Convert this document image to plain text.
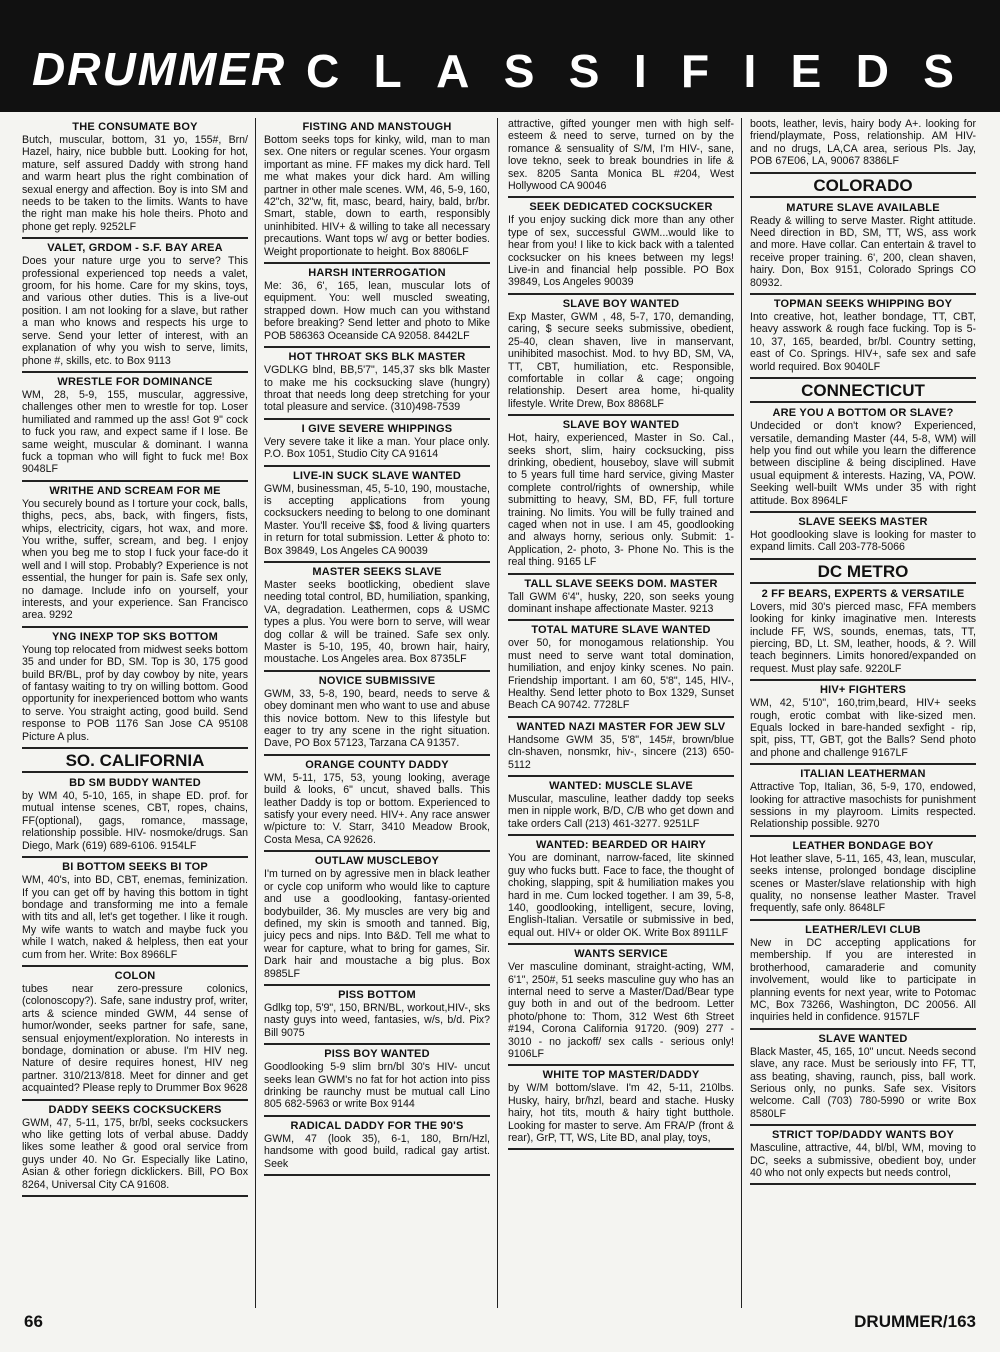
DRUMMER C L A S S I F I E D S
THE CONSUMATE BOY

Butch, muscular, bottom, 31 yo, 155#, Brn/ Hazel, hairy, nice bubble butt. Looking for hot, mature, self assured Daddy with strong hand and warm heart plus the right combination of sexual energy and affection. Boy is into SM and needs to be taken to the limits. Wants to have the right man make his hole theirs. Photo and phone get reply. 9252LF

VALET, GRDOM - S.F. BAY AREA

Does your nature urge you to serve? This professional experienced top needs a valet, groom, for his home. Care for my skins, toys, and various other duties. This is a live-out position. I am not looking for a slave, but rather a man who knows and respects his urge to serve. Send your letter of interest, with an explanation of why you wish to serve, limits, phone #, skills, etc. to Box 9113

WRESTLE FOR DOMINANCE

WM, 28, 5-9, 155, muscular, aggressive, challenges other men to wrestle for top. Loser humiliated and rammed up the ass! Got 9" cock to fuck you raw, and expect same if I lose. Be same weight, muscular & dominant. I wanna fuck a topman who will fight to fuck me! Box 9048LF

WRITHE AND SCREAM FOR ME

You securely bound as I torture your cock, balls, thighs, pecs, abs, back, with fingers, fists, whips, electricity, cigars, hot wax, and more. You writhe, suffer, scream, and beg. I enjoy when you beg me to stop I fuck your face-do it well and I will stop. Probably? Experience is not essential, the hunger for pain is. Safe sex only, no damage. Include info on yourself, your interests, and your experience. San Francisco area. 9292

YNG INEXP TOP SKS BOTTOM

Young top relocated from midwest seeks bottom 35 and under for BD, SM. Top is 30, 175 good build BR/BL, prof by day cowboy by nite, years of fantasy waiting to try on willing bottom. Good opportunity for inexperienced bottom who wants to serve. You straight acting, good build. Send response to POB 1176 San Jose CA 95108 Picture A plus.

SO. CALIFORNIA
BD SM BUDDY WANTED

by WM 40, 5-10, 165, in shape ED. prof. for mutual intense scenes, CBT, ropes, chains, FF(optional), gags, romance, massage, relationship possible. HIV- nosmoke/drugs. San Diego, Mark (619) 689-6106. 9154LF

BI BOTTOM SEEKS BI TOP

WM, 40's, into BD, CBT, enemas, feminization. If you can get off by having this bottom in tight bondage and transforming me into a female with tits and all, let's get together. I like it rough. My wife wants to watch and maybe fuck you while I watch, naked & helpless, then eat your cum from her. Write: Box 8966LF

COLON

tubes near zero-pressure colonics, (colonoscopy?). Safe, sane industry prof, writer, arts & science minded GWM, 44 sense of humor/wonder, seeks partner for safe, sane, sensual enjoyment/exploration. No interests in bondage, domination or abuse. I'm HIV neg. Nature of desire requires honest, HIV neg partner. 310/213/818. Meet for dinner and get acquainted? Please reply to Drummer Box 9628

DADDY SEEKS COCKSUCKERS

GWM, 47, 5-11, 175, br/bl, seeks cocksuckers who like getting lots of verbal abuse. Daddy likes some leather & good oral service from guys under 40. No Gr. Especially like Latino, Asian & other foriegn dicklickers. Bill, PO Box 8264, Universal City CA 91608.

FISTING AND MANSTOUGH

Bottom seeks tops for kinky, wild, man to man sex. One niters or regular scenes. Your orgasm important as mine. FF makes my dick hard. Tell me what makes your dick hard. Am willing partner in other male scenes. WM, 46, 5-9, 160, 42"ch, 32"w, fit, masc, beard, hairy, bald, br/br. Smart, stable, down to earth, responsibly uninhibited. HIV+ & willing to take all necessary precautions. Want tops w/ avg or better bodies. Weight proportionate to height. Box 8806LF

HARSH INTERROGATION

Me: 36, 6', 165, lean, muscular lots of equipment. You: well muscled sweating, strapped down. How much can you withstand before breaking? Send letter and photo to Mike POB 586363 Oceanside CA 92058. 8442LF

HOT THROAT SKS BLK MASTER

VGDLKG blnd, BB,5'7", 145,37 sks blk Master to make me his cocksucking slave (hungry) throat that needs long deep stretching for your total pleasure and service. (310)498-7539

I GIVE SEVERE WHIPPINGS

Very severe take it like a man. Your place only. P.O. Box 1051, Studio City CA 91614

LIVE-IN SUCK SLAVE WANTED

GWM, businessman, 45, 5-10, 190, moustache, is accepting applications from young cocksuckers needing to belong to one dominant Master. You'll receive $$, food & living quarters in return for total submission. Letter & photo to: Box 39849, Los Angeles CA 90039

MASTER SEEKS SLAVE

Master seeks bootlicking, obedient slave needing total control, BD, humiliation, spanking, VA, degradation. Leathermen, cops & USMC types a plus. You were born to serve, will wear dog collar & will be trained. Safe sex only. Master is 5-10, 195, 40, brown hair, hairy, moustache. Los Angeles area. Box 8735LF

NOVICE SUBMISSIVE

GWM, 33, 5-8, 190, beard, needs to serve & obey dominant men who want to use and abuse this novice bottom. New to this lifestyle but eager to try any scene in the right situation. Dave, PO Box 57123, Tarzana CA 91357.

ORANGE COUNTY DADDY

WM, 5-11, 175, 53, young looking, average build & looks, 6" uncut, shaved balls. This leather Daddy is top or bottom. Experienced to satisfy your every need. HIV+. Any race answer w/picture to: V. Starr, 3410 Meadow Brook, Costa Mesa, CA 92626.

OUTLAW MUSCLEBOY

I'm turned on by agressive men in black leather or cycle cop uniform who would like to capture and use a goodlooking, fantasy-oriented bodybuilder, 36. My muscles are very big and defined, my skin is smooth and tanned. Big, juicy pecs and nips. Into B&D. Tell me what to wear for capture, what to bring for games, Sir. Dark hair and moustache a big plus. Box 8985LF

PISS BOTTOM

Gdlkg top, 5'9", 150, BRN/BL, workout,HIV-, sks nasty guys into weed, fantasies, w/s, b/d. Pix? Bill 9075

PISS BOY WANTED

Goodlooking 5-9 slim brn/bl 30's HIV- uncut seeks lean GWM's no fat for hot action into piss drinking be raunchy must be mutual call Lino 805 682-5963 or write Box 9144

RADICAL DADDY FOR THE 90'S

GWM, 47 (look 35), 6-1, 180, Brn/Hzl, handsome with good build, radical gay artist. Seek

attractive, gifted younger men with high self-esteem & need to serve, turned on by the romance & sensuality of S/M, I'm HIV-, sane, love tekno, seek to break boundries in life & sex. 8205 Santa Monica BL #204, West Hollywood CA 90046

SEEK DEDICATED COCKSUCKER

If you enjoy sucking dick more than any other type of sex, successful GWM...would like to hear from you! I like to kick back with a talented cocksucker on his knees between my legs! Live-in and financial help possible. PO Box 39849, Los Angeles 90039

SLAVE BOY WANTED

Exp Master, GWM , 48, 5-7, 170, demanding, caring, $ secure seeks submissive, obedient, 25-40, clean shaven, live in manservant, unihibited masochist. Mod. to hvy BD, SM, VA, TT, CBT, humiliation, etc. Responsible, comfortable in collar & cage; ongoing relationship. Desert area home, hi-quality lifestyle. Write Drew, Box 8868LF

SLAVE BOY WANTED

Hot, hairy, experienced, Master in So. Cal., seeks short, slim, hairy cocksucking, piss drinking, obedient, houseboy, slave will submit to 5 years full time hard service, giving Master complete control/rights of ownership, while submitting to heavy, SM, BD, FF, full torture training. No limits. You will be fully trained and caged when not in use. I am 45, goodlooking and always horny, serious only. Submit: 1-Application, 2- photo, 3- Phone No. This is the real thing. 9165 LF

TALL SLAVE SEEKS DOM. MASTER

Tall GWM 6'4", husky, 220, son seeks young dominant inshape affectionate Master. 9213

TOTAL MATURE SLAVE WANTED

over 50, for monogamous relationship. You must need to serve want total domination, humiliation, and enjoy kinky scenes. No pain. Friendship important. I am 60, 5'8", 145, HIV-, Healthy. Send letter photo to Box 1329, Sunset Beach CA 90742. 7728LF

WANTED NAZI MASTER FOR JEW SLV

Handsome GWM 35, 5'8", 145#, brown/blue cln-shaven, nonsmkr, hiv-, sincere (213) 650-5112

WANTED: MUSCLE SLAVE

Muscular, masculine, leather daddy top seeks men in nipple work, B/D, C/B who get down and take orders Call (213) 461-3277. 9251LF

WANTED: BEARDED OR HAIRY

You are dominant, narrow-faced, lite skinned guy who fucks butt. Face to face, the thought of choking, slapping, spit & humiliation makes you hard in me. Cum locked together. I am 39, 5-8, 140, goodlooking, intelligent, secure, loving, English-Italian. Versatile or submissive in bed, equal out. HIV+ or older OK. Write Box 8911LF

WANTS SERVICE

Ver masculine dominant, straight-acting, WM, 6'1", 250#, 51 seeks masculine guy who has an internal need to serve a Master/Dad/Bear type guy both in and out of the bedroom. Letter photo/phone to: Thom, 312 West 6th Street #194, Corona California 91720. (909) 277 - 3010 - no jackoff/ sex calls - serious only! 9106LF

WHITE TOP MASTER/DADDY

by W/M bottom/slave. I'm 42, 5-11, 210lbs. Husky, hairy, br/hzl, beard and stache. Husky hairy, hot tits, mouth & hairy tight butthole. Looking for master to serve. Am FRA/P (front & rear), GrP, TT, WS, Lite BD, anal play, toys,

boots, leather, levis, hairy body A+. looking for friend/playmate, Poss, relationship. AM HIV- and no drugs, LA,CA area, serious Pls. Jay, POB 67E06, LA, 90067 8386LF

COLORADO
MATURE SLAVE AVAILABLE

Ready & willing to serve Master. Right attitude. Need direction in BD, SM, TT, WS, ass work and more. Have collar. Can entertain & travel to receive proper training. 6', 200, clean shaven, hairy. Don, Box 9151, Colorado Springs CO 80932.

TOPMAN SEEKS WHIPPING BOY

Into creative, hot, leather bondage, TT, CBT, heavy asswork & rough face fucking. Top is 5-10, 37, 165, bearded, br/bl. Country setting, east of Co. Springs. HIV+, safe sex and safe world required. Box 9040LF

CONNECTICUT
ARE YOU A BOTTOM OR SLAVE?

Undecided or don't know? Experienced, versatile, demanding Master (44, 5-8, WM) will help you find out while you learn the difference between discipline & being disciplined. Have usual equipment & interests. Hazing, VA, POW. Seeking well-built WMs under 35 with right attitude. Box 8964LF

SLAVE SEEKS MASTER

Hot goodlooking slave is looking for master to expand limits. Call 203-778-5066

DC METRO
2 FF BEARS, EXPERTS & VERSATILE

Lovers, mid 30's pierced masc, FFA members looking for kinky imaginative men. Interests include FF, WS, sounds, enemas, tats, TT, piercing, BD, Lt. SM, leather, hoods, & ?. Will teach beginners. Limits honored/expanded on request. Must play safe. 9220LF

HIV+ FIGHTERS

WM, 42, 5'10", 160,trim,beard, HIV+ seeks rough, erotic combat with like-sized men. Equals locked in bare-handed sexfight - rip, spit, piss, TT, GBT, got the Balls? Send photo and phone and challenge 9167LF

ITALIAN LEATHERMAN

Attractive Top, Italian, 36, 5-9, 170, endowed, looking for attractive masochists for punishment sessions in my playroom. Limits respected. Relationship possible. 9270

LEATHER BONDAGE BOY

Hot leather slave, 5-11, 165, 43, lean, muscular, seeks intense, prolonged bondage discipline scenes or Master/slave relationship with high quality, no nonsense leather Master. Travel frequently, safe only. 8648LF

LEATHER/LEVI CLUB

New in DC accepting applications for membership. If you are interested in brotherhood, camaraderie and comunity involvement, would like to participate in planning events for next year, write to Potomac MC, Box 73266, Washington, DC 20056. All inquiries held in confidence. 9157LF

SLAVE WANTED

Black Master, 45, 165, 10" uncut. Needs second slave, any race. Must be seriously into FF, TT, ass beating, shaving, raunch, piss, ball work. Serious only, no punks. Safe sex. Visitors welcome. Call (703) 780-5990 or write Box 8580LF

STRICT TOP/DADDY WANTS BOY

Masculine, attractive, 44, bl/bl, WM, moving to DC, seeks a submissive, obedient boy, under 40 who not only expects but needs control,

66	DRUMMER/163
